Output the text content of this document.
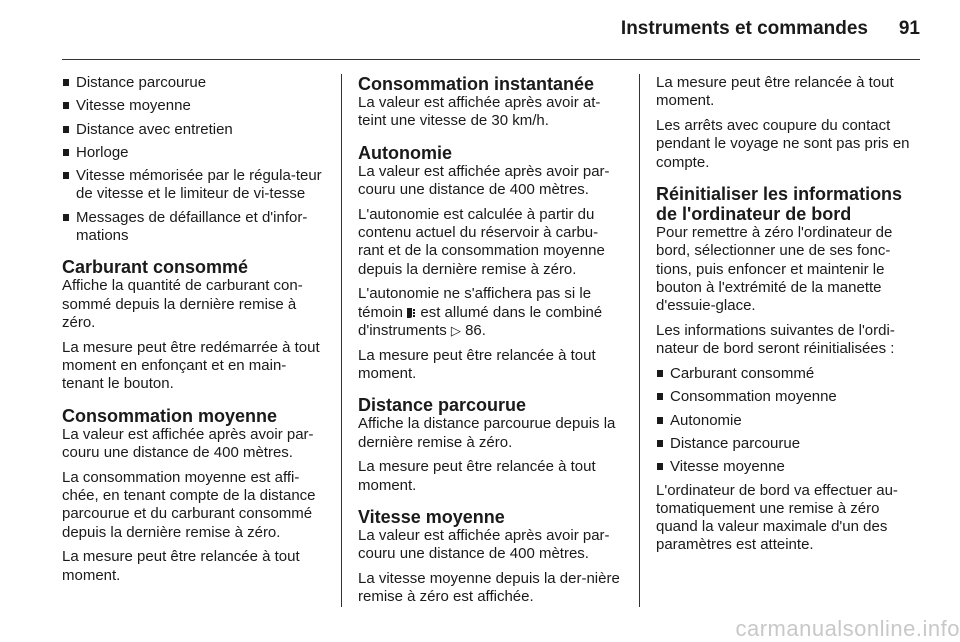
Instruments et commandes 91
Distance parcourue
Vitesse moyenne
Distance avec entretien
Horloge
Vitesse mémorisée par le régula-teur de vitesse et le limiteur de vi-tesse
Messages de défaillance et d'infor-mations
Carburant consommé

Affiche la quantité de carburant con-sommé depuis la dernière remise à zéro.

La mesure peut être redémarrée à tout moment en enfonçant et en main-tenant le bouton.

Consommation moyenne

La valeur est affichée après avoir par-couru une distance de 400 mètres.

La consommation moyenne est affi-chée, en tenant compte de la distance parcourue et du carburant consommé depuis la dernière remise à zéro.

La mesure peut être relancée à tout moment.

Consommation instantanée

La valeur est affichée après avoir at-teint une vitesse de 30 km/h.

Autonomie

La valeur est affichée après avoir par-couru une distance de 400 mètres.

L'autonomie est calculée à partir du contenu actuel du réservoir à carbu-rant et de la consommation moyenne depuis la dernière remise à zéro.

L'autonomie ne s'affichera pas si le témoin est allumé dans le combiné d'instruments ▷ 86.

La mesure peut être relancée à tout moment.

Distance parcourue

Affiche la distance parcourue depuis la dernière remise à zéro.

La mesure peut être relancée à tout moment.

Vitesse moyenne

La valeur est affichée après avoir par-couru une distance de 400 mètres.

La vitesse moyenne depuis la der-nière remise à zéro est affichée.

La mesure peut être relancée à tout moment.

Les arrêts avec coupure du contact pendant le voyage ne sont pas pris en compte.

Réinitialiser les informations de l'ordinateur de bord

Pour remettre à zéro l'ordinateur de bord, sélectionner une de ses fonc-tions, puis enfoncer et maintenir le bouton à l'extrémité de la manette d'essuie-glace.

Les informations suivantes de l'ordi-nateur de bord seront réinitialisées :

Carburant consommé
Consommation moyenne
Autonomie
Distance parcourue
Vitesse moyenne

L'ordinateur de bord va effectuer au-tomatiquement une remise à zéro quand la valeur maximale d'un des paramètres est atteinte.

carmanualsonline.info
